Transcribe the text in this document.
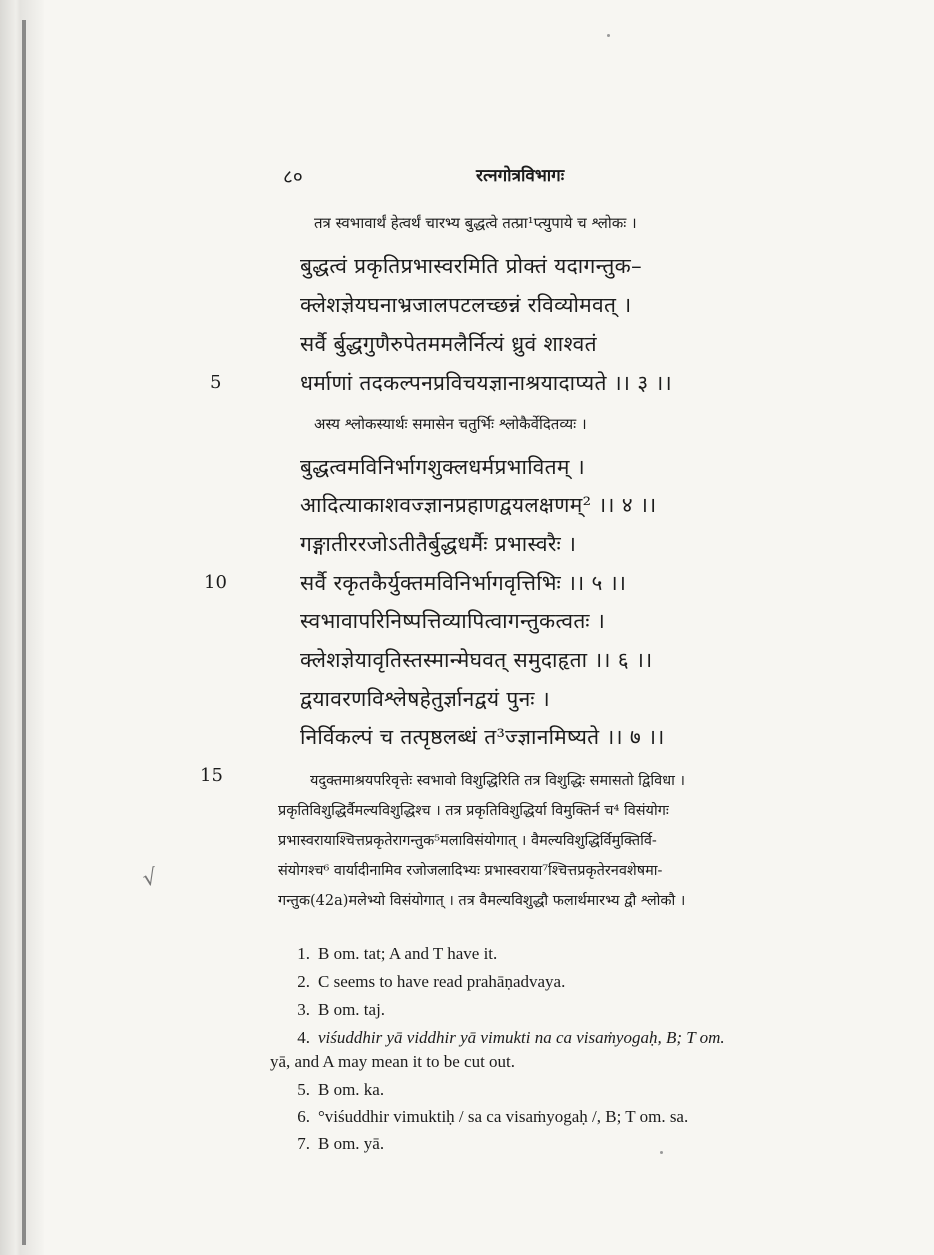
८०	रत्नगोत्रविभागः
तत्र स्वभावार्थं हेत्वर्थं चारभ्य बुद्धत्वे तत्प्रा¹प्त्युपाये च श्लोकः ।
बुद्धत्वं प्रकृतिप्रभास्वरमिति प्रोक्तं यदागन्तुक–
क्लेशज्ञेयघनाभ्रजालपटलच्छन्नं रविव्योमवत् ।
सर्वै र्बुद्धगुणैरुपेतममलैर्नित्यं ध्रुवं शाश्वतं
धर्माणां तदकल्पनप्रविचयज्ञानाश्रयादाप्यते ।। ३ ।।
5
अस्य श्लोकस्यार्थः समासेन चतुर्भिः श्लोकैर्वेदितव्यः ।
बुद्धत्वमविनिर्भागशुक्लधर्मप्रभावितम् ।
आदित्याकाशवज्ज्ञानप्रहाणद्वयलक्षणम्² ।। ४ ।।
गङ्गातीररजोऽतीतैर्बुद्धधर्मैः प्रभास्वरैः ।
सर्वै रकृतकैर्युक्तमविनिर्भागवृत्तिभिः ।। ५ ।।
10
स्वभावापरिनिष्पत्तिव्यापित्वागन्तुकत्वतः ।
क्लेशज्ञेयावृतिस्तस्मान्मेघवत् समुदाहृता ।। ६ ।।
द्वयावरणविश्लेषहेतुर्ज्ञानद्वयं पुनः ।
निर्विकल्पं च तत्पृष्ठलब्धं त³ज्ज्ञानमिष्यते ।। ७ ।।
15	यदुक्तमाश्रयपरिवृत्तेः स्वभावो विशुद्धिरिति तत्र विशुद्धिः समासतो द्विविधा ।
प्रकृतिविशुद्धिर्वैमल्यविशुद्धिश्च । तत्र प्रकृतिविशुद्धिर्या विमुक्तिर्न च⁴ विसंयोगः
प्रभास्वरायाश्चित्तप्रकृतेरागन्तुक⁵मलाविसंयोगात् । वैमल्यविशुद्धिर्विमुक्तिर्वि-
संयोगश्च⁶ वार्यादीनामिव रजोजलादिभ्यः प्रभास्वराया⁷श्चित्तप्रकृतेरनवशेषमा-
गन्तुक(42a)मलेभ्यो विसंयोगात् । तत्र वैमल्यविशुद्धौ फलार्थमारभ्य द्वौ श्लोकौ ।
√
1. B om. tat; A and T have it.
2. C seems to have read prahāṇadvaya.
3. B om. taj.
4. viśuddhir yā viddhir yā vimukti na ca visaṁyogaḥ, B; T om.
yā, and A may mean it to be cut out.
5. B om. ka.
6. °viśuddhir vimuktiḥ / sa ca visaṁyogaḥ /, B; T om. sa.
7. B om. yā.
